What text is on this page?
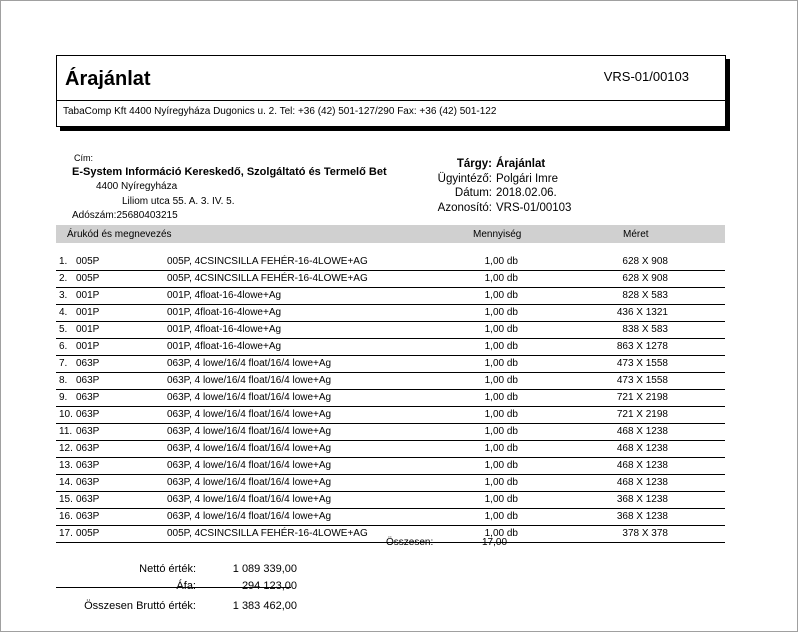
Árajánlat	VRS-01/00103
TabaComp Kft 4400 Nyíregyháza Dugonics u. 2. Tel: +36 (42) 501-127/290 Fax: +36 (42) 501-122
Cím:
E-System Információ Kereskedő, Szolgáltató és Termelő Bet
4400 Nyíregyháza
Liliom utca 55. A. 3. IV. 5.
Adószám:25680403215
Tárgy: Árajánlat
Ügyintéző: Polgári Imre
Dátum: 2018.02.06.
Azonosító: VRS-01/00103
Árukód és megnevezés	Mennyiség	Méret
1. 005P	005P, 4CSINCSILLA FEHÉR-16-4LOWE+AG	1,00 db	628 X 908
2. 005P	005P, 4CSINCSILLA FEHÉR-16-4LOWE+AG	1,00 db	628 X 908
3. 001P	001P, 4float-16-4lowe+Ag	1,00 db	828 X 583
4. 001P	001P, 4float-16-4lowe+Ag	1,00 db	436 X 1321
5. 001P	001P, 4float-16-4lowe+Ag	1,00 db	838 X 583
6. 001P	001P, 4float-16-4lowe+Ag	1,00 db	863 X 1278
7. 063P	063P, 4 lowe/16/4 float/16/4 lowe+Ag	1,00 db	473 X 1558
8. 063P	063P, 4 lowe/16/4 float/16/4 lowe+Ag	1,00 db	473 X 1558
9. 063P	063P, 4 lowe/16/4 float/16/4 lowe+Ag	1,00 db	721 X 2198
10. 063P	063P, 4 lowe/16/4 float/16/4 lowe+Ag	1,00 db	721 X 2198
11. 063P	063P, 4 lowe/16/4 float/16/4 lowe+Ag	1,00 db	468 X 1238
12. 063P	063P, 4 lowe/16/4 float/16/4 lowe+Ag	1,00 db	468 X 1238
13. 063P	063P, 4 lowe/16/4 float/16/4 lowe+Ag	1,00 db	468 X 1238
14. 063P	063P, 4 lowe/16/4 float/16/4 lowe+Ag	1,00 db	468 X 1238
15. 063P	063P, 4 lowe/16/4 float/16/4 lowe+Ag	1,00 db	368 X 1238
16. 063P	063P, 4 lowe/16/4 float/16/4 lowe+Ag	1,00 db	368 X 1238
17. 005P	005P, 4CSINCSILLA FEHÉR-16-4LOWE+AG	1,00 db	378 X 378
Összesen:	17,00
Nettó érték:	1 089 339,00
Áfa:	294 123,00
Összesen Bruttó érték:	1 383 462,00
